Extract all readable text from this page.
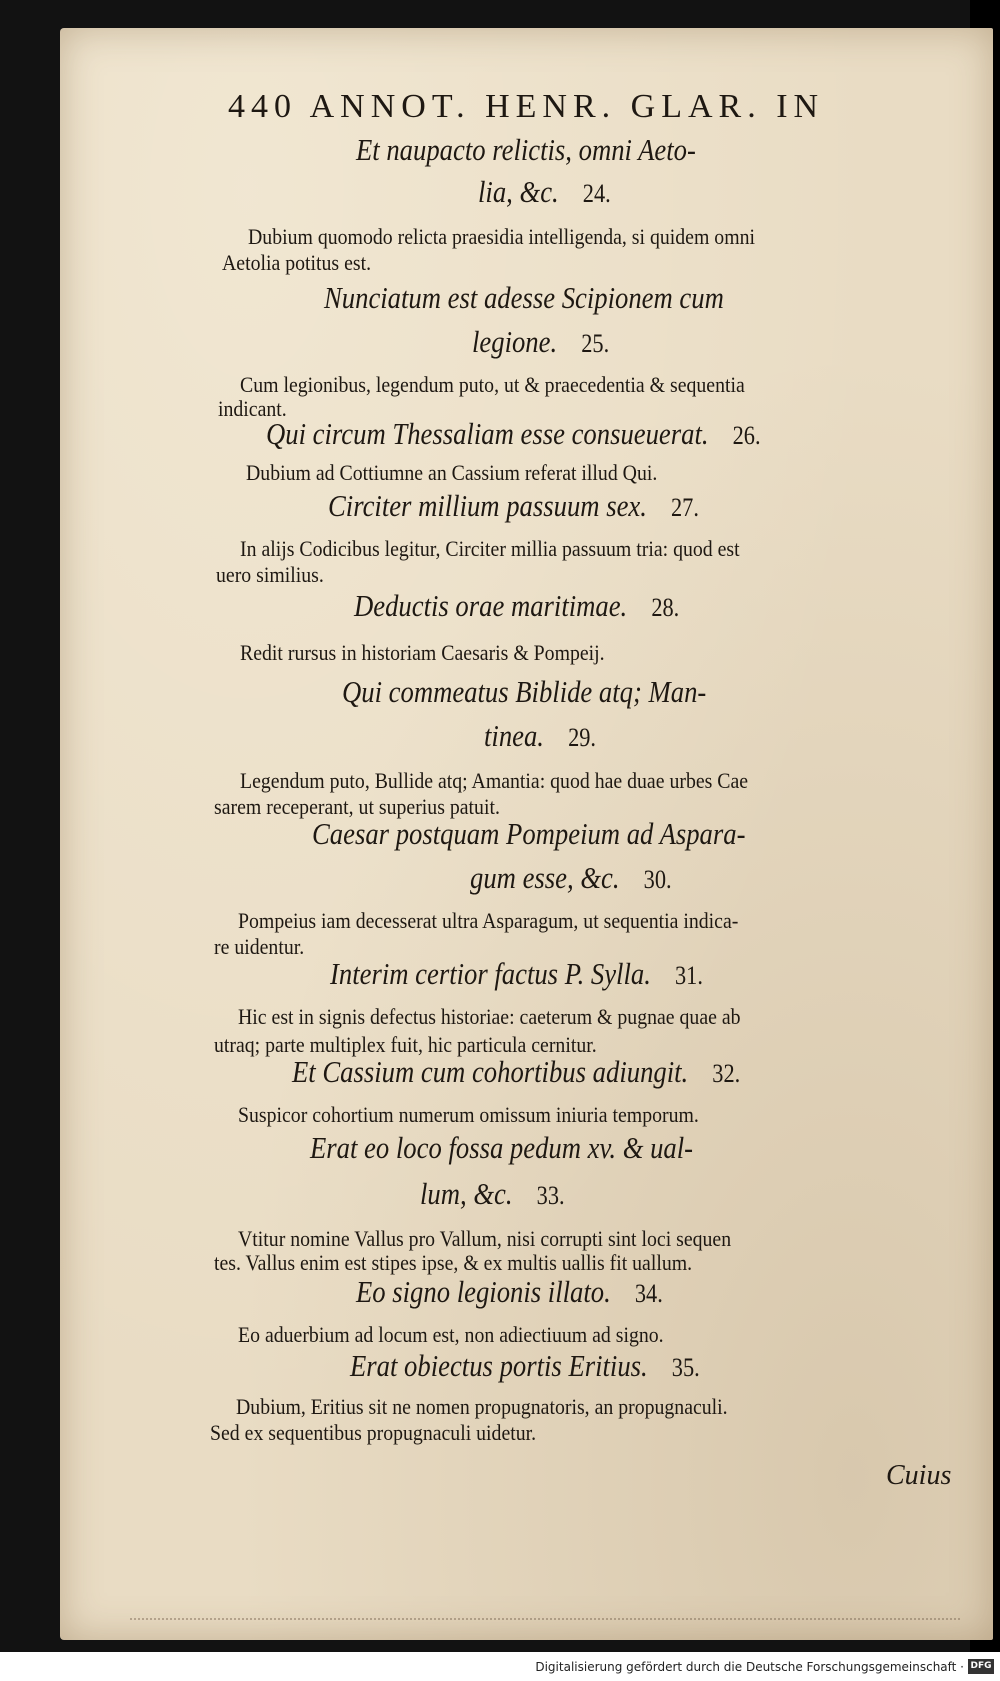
440 ANNOT. HENR. GLAR. IN
Et naupacto relictis, omni Aeto-
lia, &c. 24.
Dubium quomodo relicta praesidia intelligenda, si quidem omni
Aetolia potitus est.
Nunciatum est adesse Scipionem cum
legione. 25.
Cum legionibus, legendum puto, ut & praecedentia & sequentia
indicant.
Qui circum Thessaliam esse consueuerat. 26.
Dubium ad Cottiumne an Cassium referat illud Qui.
Circiter millium passuum sex. 27.
In alijs Codicibus legitur, Circiter millia passuum tria: quod est
uero similius.
Deductis orae maritimae. 28.
Redit rursus in historiam Caesaris & Pompeij.
Qui commeatus Biblide atq; Man-
tinea. 29.
Legendum puto, Bullide atq; Amantia: quod hae duae urbes Cae
sarem receperant, ut superius patuit.
Caesar postquam Pompeium ad Aspara-
gum esse, &c. 30.
Pompeius iam decesserat ultra Asparagum, ut sequentia indica-
re uidentur.
Interim certior factus P. Sylla. 31.
Hic est in signis defectus historiae: caeterum & pugnae quae ab
utraq; parte multiplex fuit, hic particula cernitur.
Et Cassium cum cohortibus adiungit. 32.
Suspicor cohortium numerum omissum iniuria temporum.
Erat eo loco fossa pedum xv. & ual-
lum, &c. 33.
Vtitur nomine Vallus pro Vallum, nisi corrupti sint loci sequen
tes. Vallus enim est stipes ipse, & ex multis uallis fit uallum.
Eo signo legionis illato. 34.
Eo aduerbium ad locum est, non adiectiuum ad signo.
Erat obiectus portis Eritius. 35.
Dubium, Eritius sit ne nomen propugnatoris, an propugnaculi.
Sed ex sequentibus propugnaculi uidetur.
Cuius
Digitalisierung gefördert durch die Deutsche Forschungsgemeinschaft · DFG
